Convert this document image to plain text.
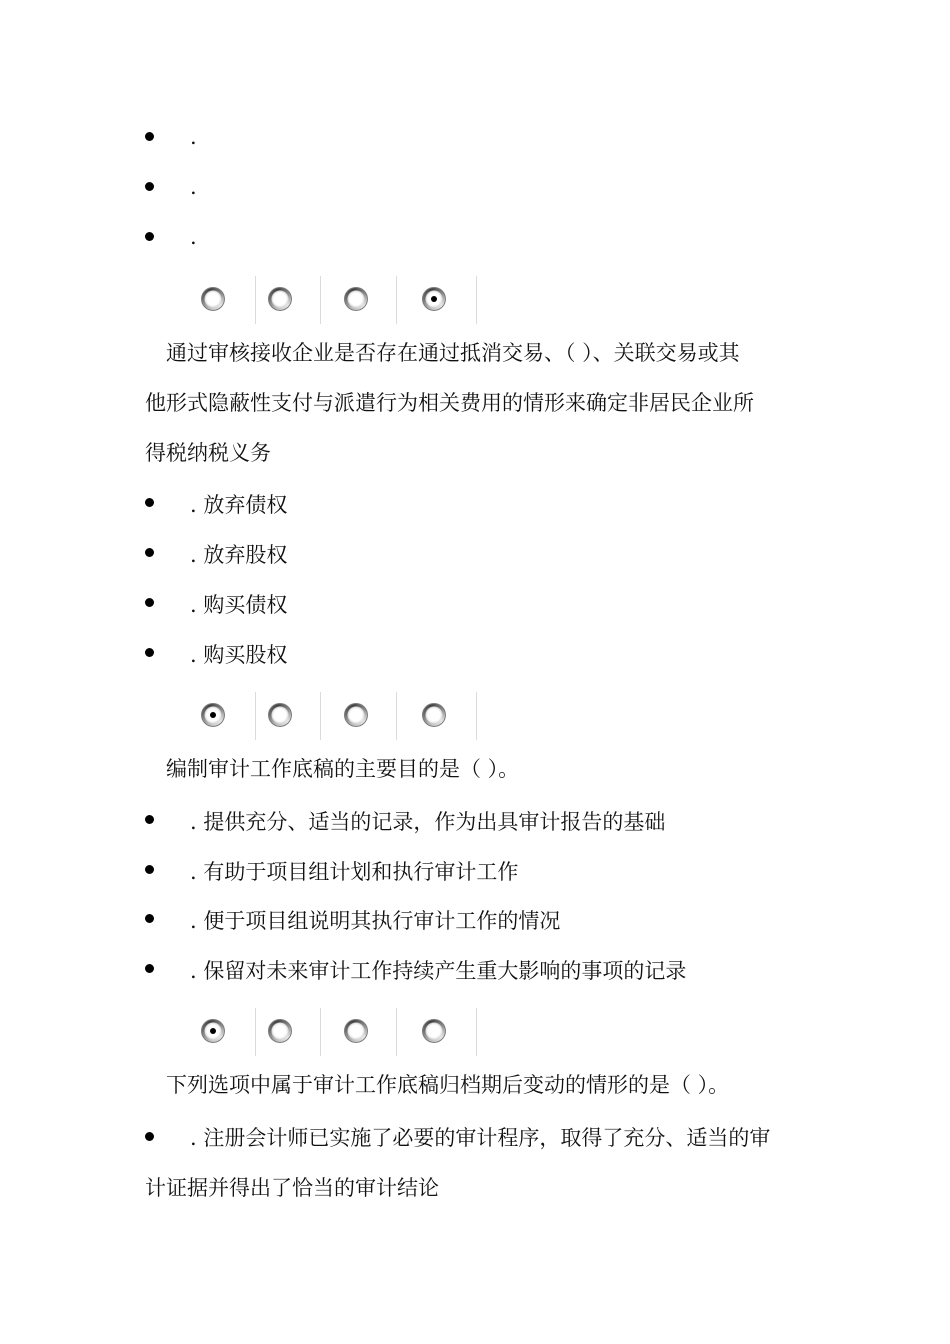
.
.
.
通过审核接收企业是否存在通过抵消交易、（ ）、关联交易或其
他形式隐蔽性支付与派遣行为相关费用的情形来确定非居民企业所
得税纳税义务
. 放弃债权
. 放弃股权
. 购买债权
. 购买股权
编制审计工作底稿的主要目的是（ ）。
. 提供充分、适当的记录，作为出具审计报告的基础
. 有助于项目组计划和执行审计工作
. 便于项目组说明其执行审计工作的情况
. 保留对未来审计工作持续产生重大影响的事项的记录
下列选项中属于审计工作底稿归档期后变动的情形的是（ ）。
. 注册会计师已实施了必要的审计程序，取得了充分、适当的审
计证据并得出了恰当的审计结论
